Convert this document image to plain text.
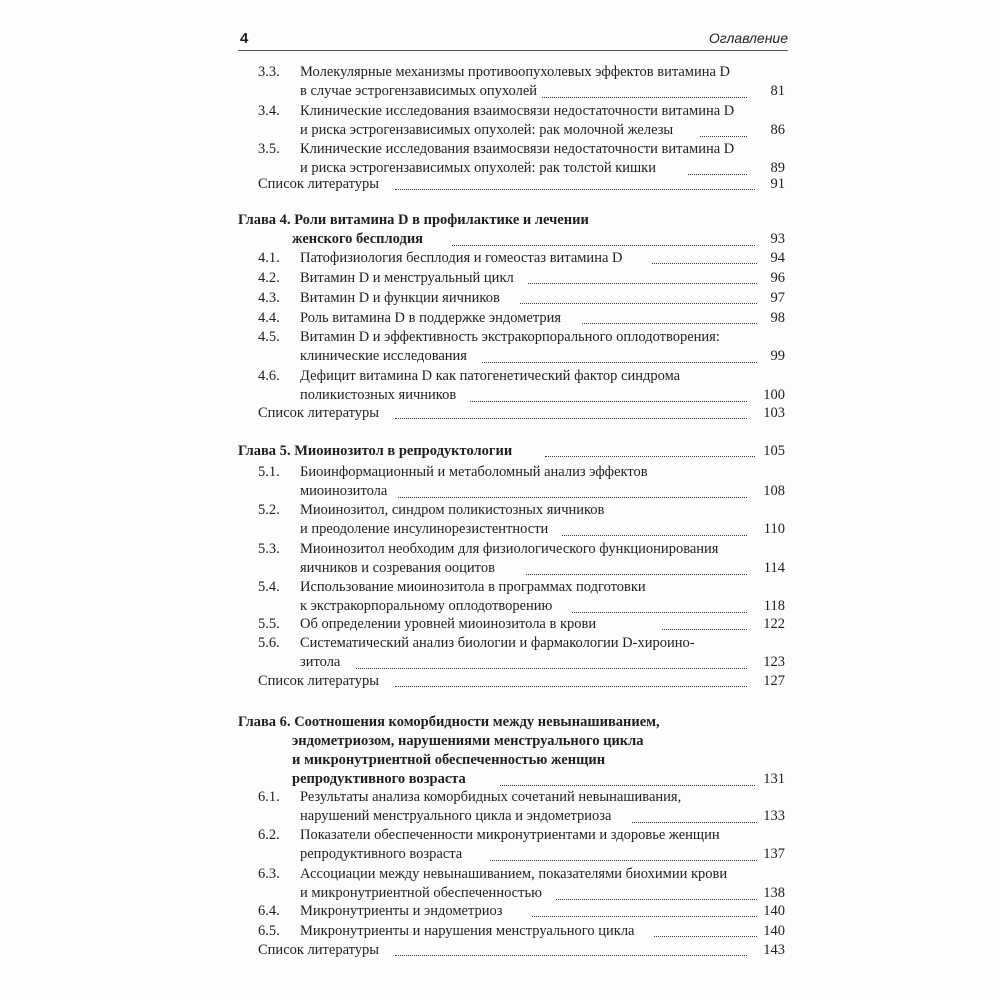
4	Оглавление
3.3. Молекулярные механизмы противоопухолевых эффектов витамина D
в случае эстрогензависимых опухолей	81
3.4. Клинические исследования взаимосвязи недостаточности витамина D
и риска эстрогензависимых опухолей: рак молочной железы	86
3.5. Клинические исследования взаимосвязи недостаточности витамина D
и риска эстрогензависимых опухолей: рак толстой кишки	89
Список литературы	91
Глава 4. Роли витамина D в профилактике и лечении
женского бесплодия	93
4.1. Патофизиология бесплодия и гомеостаз витамина D	94
4.2. Витамин D и менструальный цикл	96
4.3. Витамин D и функции яичников	97
4.4. Роль витамина D в поддержке эндометрия	98
4.5. Витамин D и эффективность экстракорпорального оплодотворения:
клинические исследования	99
4.6. Дефицит витамина D как патогенетический фактор синдрома
поликистозных яичников	100
Список литературы	103
Глава 5. Миоинозитол в репродуктологии	105
5.1. Биоинформационный и метаболомный анализ эффектов
миоинозитола	108
5.2. Миоинозитол, синдром поликистозных яичников
и преодоление инсулинорезистентности	110
5.3. Миоинозитол необходим для физиологического функционирования
яичников и созревания ооцитов	114
5.4. Использование миоинозитола в программах подготовки
к экстракорпоральному оплодотворению	118
5.5. Об определении уровней миоинозитола в крови	122
5.6. Систематический анализ биологии и фармакологии D-хироино-
зитола	123
Список литературы	127
Глава 6. Соотношения коморбидности между невынашиванием,
эндометриозом, нарушениями менструального цикла
и микронутриентной обеспеченностью женщин
репродуктивного возраста	131
6.1. Результаты анализа коморбидных сочетаний невынашивания,
нарушений менструального цикла и эндометриоза	133
6.2. Показатели обеспеченности микронутриентами и здоровье женщин
репродуктивного возраста	137
6.3. Ассоциации между невынашиванием, показателями биохимии крови
и микронутриентной обеспеченностью	138
6.4. Микронутриенты и эндометриоз	140
6.5. Микронутриенты и нарушения менструального цикла	140
Список литературы	143
